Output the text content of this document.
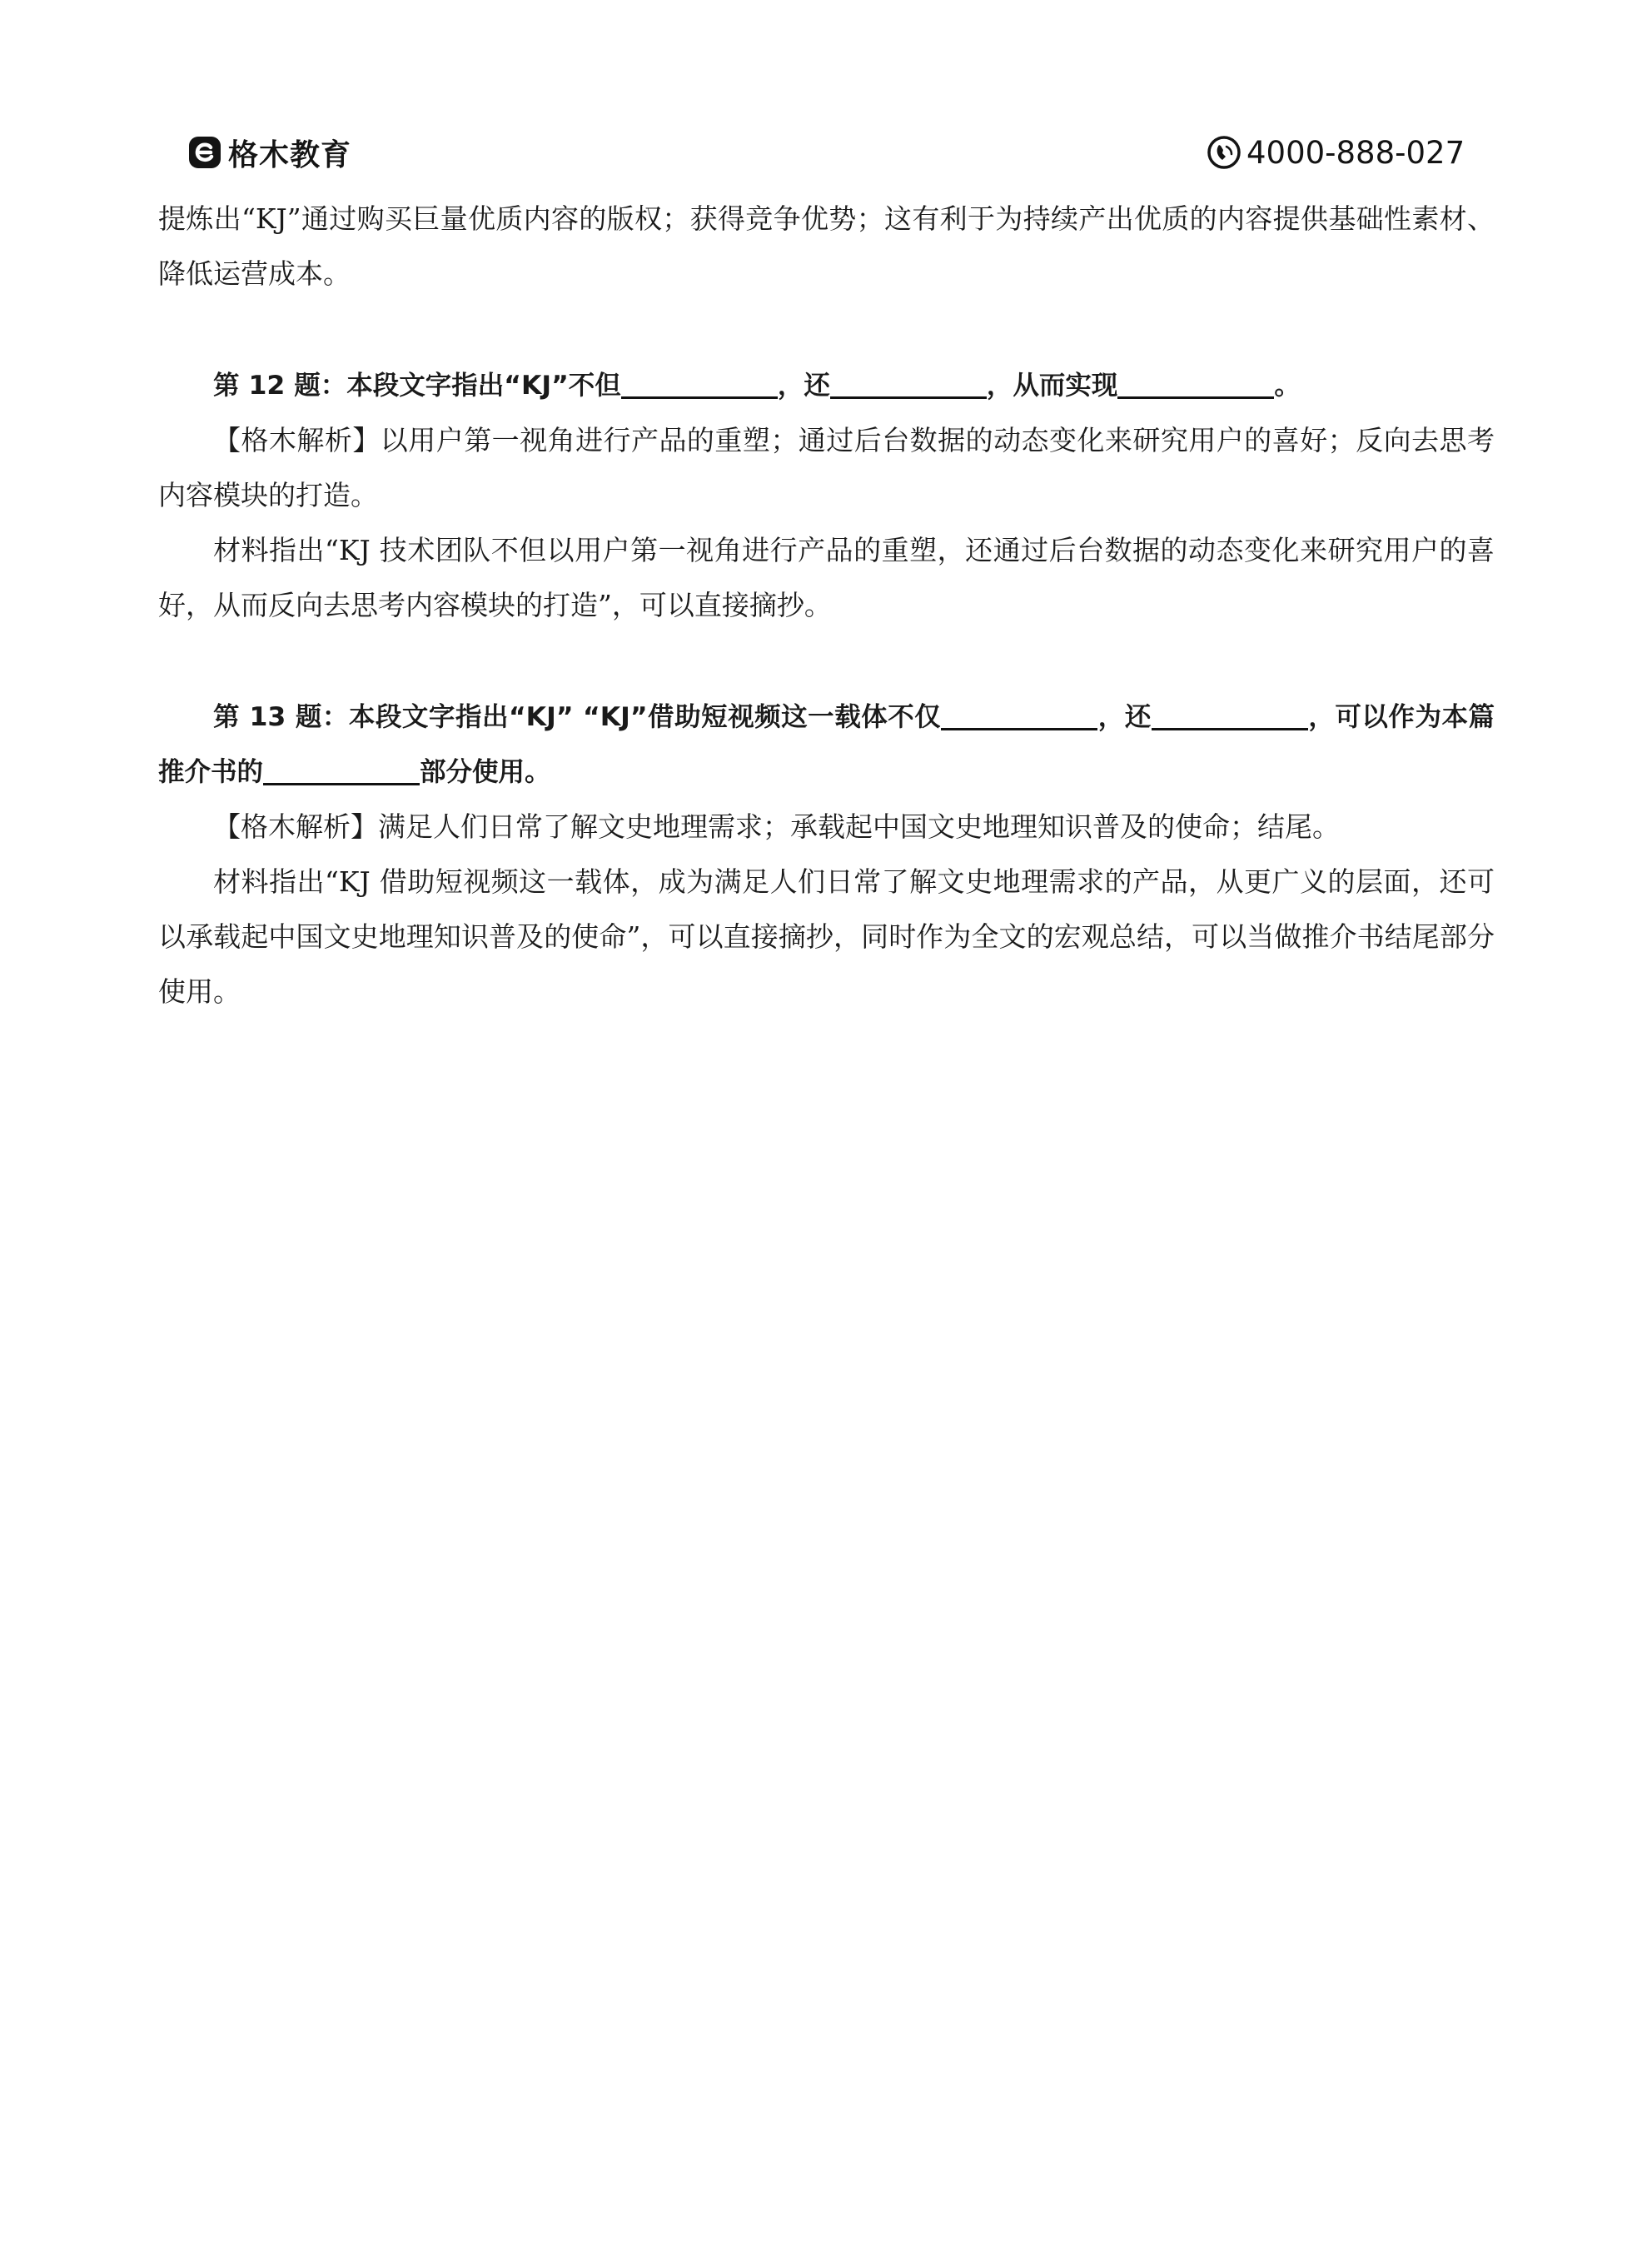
格木教育	4000-888-027

提炼出“KJ”通过购买巨量优质内容的版权；获得竞争优势；这有利于为持续产出优质的内容提供基础性素材、降低运营成本。

第 12 题：本段文字指出“KJ”不但	，还	，从而实现	。

【格木解析】以用户第一视角进行产品的重塑；通过后台数据的动态变化来研究用户的喜好；反向去思考内容模块的打造。

材料指出“KJ 技术团队不但以用户第一视角进行产品的重塑，还通过后台数据的动态变化来研究用户的喜好，从而反向去思考内容模块的打造”，可以直接摘抄。

第 13 题：本段文字指出“KJ” “KJ”借助短视频这一载体不仅	，还	，可以作为本篇推介书的	部分使用。

【格木解析】满足人们日常了解文史地理需求；承载起中国文史地理知识普及的使命；结尾。

材料指出“KJ 借助短视频这一载体，成为满足人们日常了解文史地理需求的产品，从更广义的层面，还可以承载起中国文史地理知识普及的使命”，可以直接摘抄，同时作为全文的宏观总结，可以当做推介书结尾部分使用。
